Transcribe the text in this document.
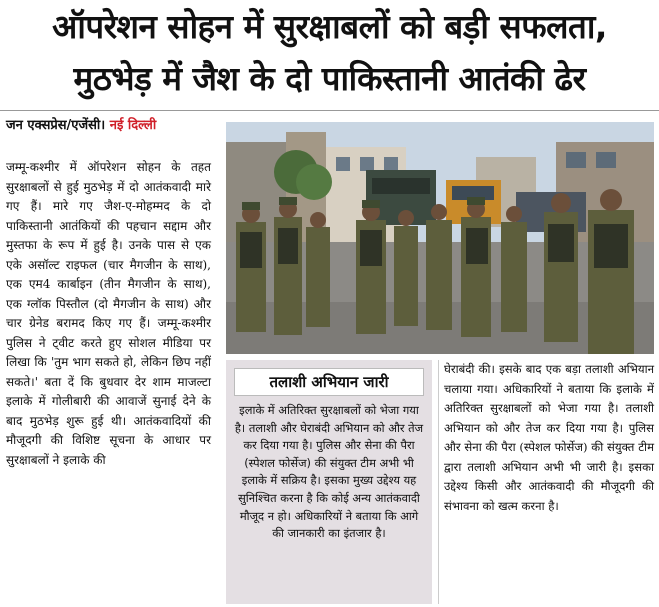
ऑपरेशन सोहन में सुरक्षाबलों को बड़ी सफलता,
मुठभेड़ में जैश के दो पाकिस्तानी आतंकी ढेर
जन एक्सप्रेस/एजेंसी। नई दिल्ली
जम्मू-कश्मीर में ऑपरेशन सोहन के तहत सुरक्षाबलों से हुई मुठभेड़ में दो आतंकवादी मारे गए हैं। मारे गए जैश-ए-मोहम्मद के दो पाकिस्तानी आतंकियों की पहचान सद्दाम और मुस्तफा के रूप में हुई है। उनके पास से एक एके असॉल्ट राइफल (चार मैगजीन के साथ), एक एम4 कार्बाइन (तीन मैगजीन के साथ), एक ग्लॉक पिस्तौल (दो मैगजीन के साथ) और चार ग्रेनेड बरामद किए गए हैं। जम्मू-कश्मीर पुलिस ने ट्वीट करते हुए सोशल मीडिया पर लिखा कि 'तुम भाग सकते हो, लेकिन छिप नहीं सकते।' बता दें कि बुधवार देर शाम माजल्टा इलाके में गोलीबारी की आवाजें सुनाई देने के बाद मुठभेड़ शुरू हुई थी। आतंकवादियों की मौजूदगी की विशिष्ट सूचना के आधार पर सुरक्षाबलों ने इलाके की
तलाशी अभियान जारी
इलाके में अतिरिक्त सुरक्षाबलों को भेजा गया है। तलाशी और घेराबंदी अभियान को और तेज कर दिया गया है। पुलिस और सेना की पैरा (स्पेशल फोर्सेज) की संयुक्त टीम अभी भी इलाके में सक्रिय है। इसका मुख्य उद्देश्य यह सुनिश्चित करना है कि कोई अन्य आतंकवादी मौजूद न हो। अधिकारियों ने बताया कि आगे की जानकारी का इंतजार है।
घेराबंदी की। इसके बाद एक बड़ा तलाशी अभियान चलाया गया। अधिकारियों ने बताया कि इलाके में अतिरिक्त सुरक्षाबलों को भेजा गया है। तलाशी अभियान को और तेज कर दिया गया है। पुलिस और सेना की पैरा (स्पेशल फोर्सेज) की संयुक्त टीम द्वारा तलाशी अभियान अभी भी जारी है। इसका उद्देश्य किसी और आतंकवादी की मौजूदगी की संभावना को खत्म करना है।
